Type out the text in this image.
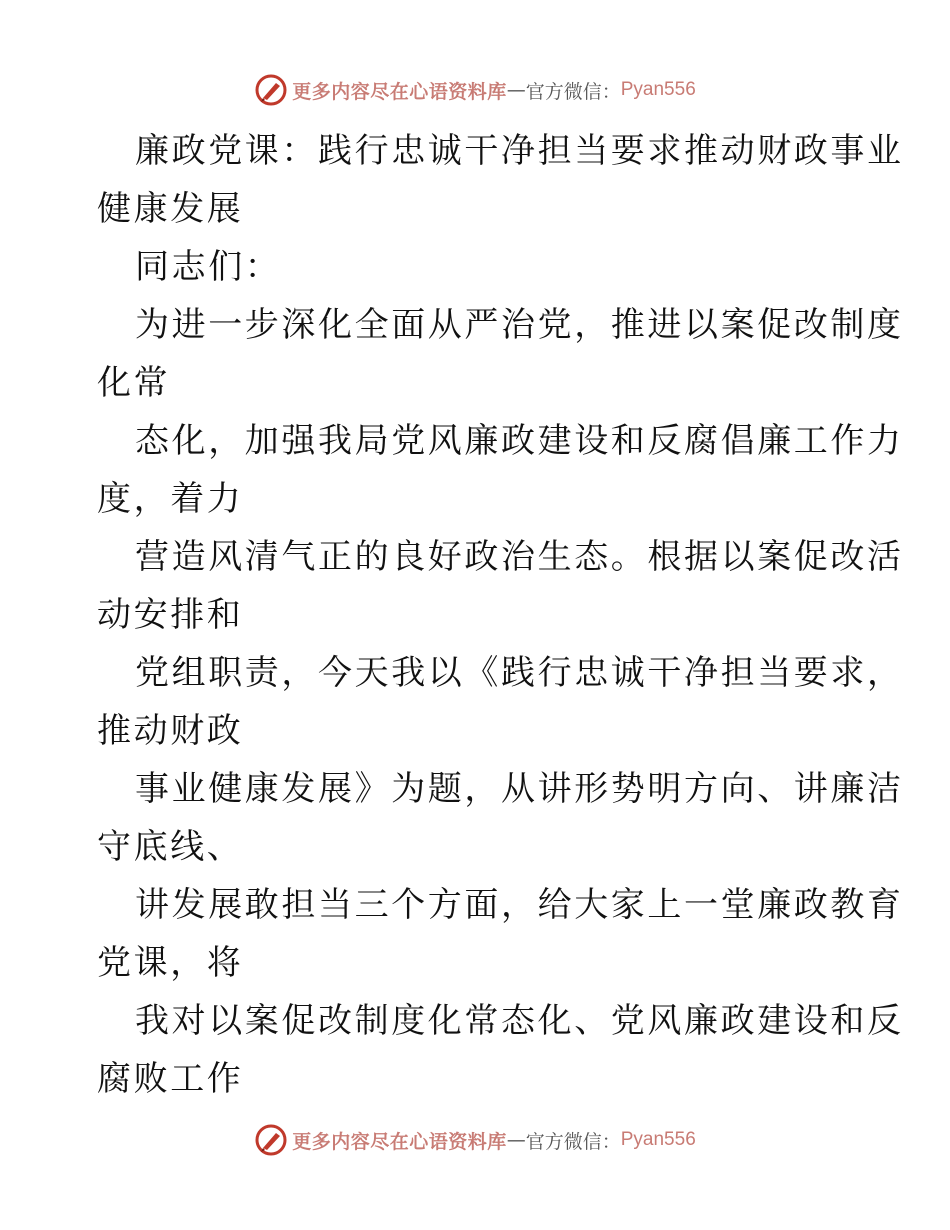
更多内容尽在心语资料库 — 官方微信： Pyan556
廉政党课：践行忠诚干净担当要求推动财政事业
健康发展
同志们：
为进一步深化全面从严治党，推进以案促改制度
化常
态化，加强我局党风廉政建设和反腐倡廉工作力
度，着力
营造风清气正的良好政治生态。根据以案促改活
动安排和
党组职责，今天我以《践行忠诚干净担当要求，
推动财政
事业健康发展》为题，从讲形势明方向、讲廉洁
守底线、
讲发展敢担当三个方面，给大家上一堂廉政教育
党课，将
我对以案促改制度化常态化、党风廉政建设和反
腐败工作
更多内容尽在心语资料库 — 官方微信： Pyan556
